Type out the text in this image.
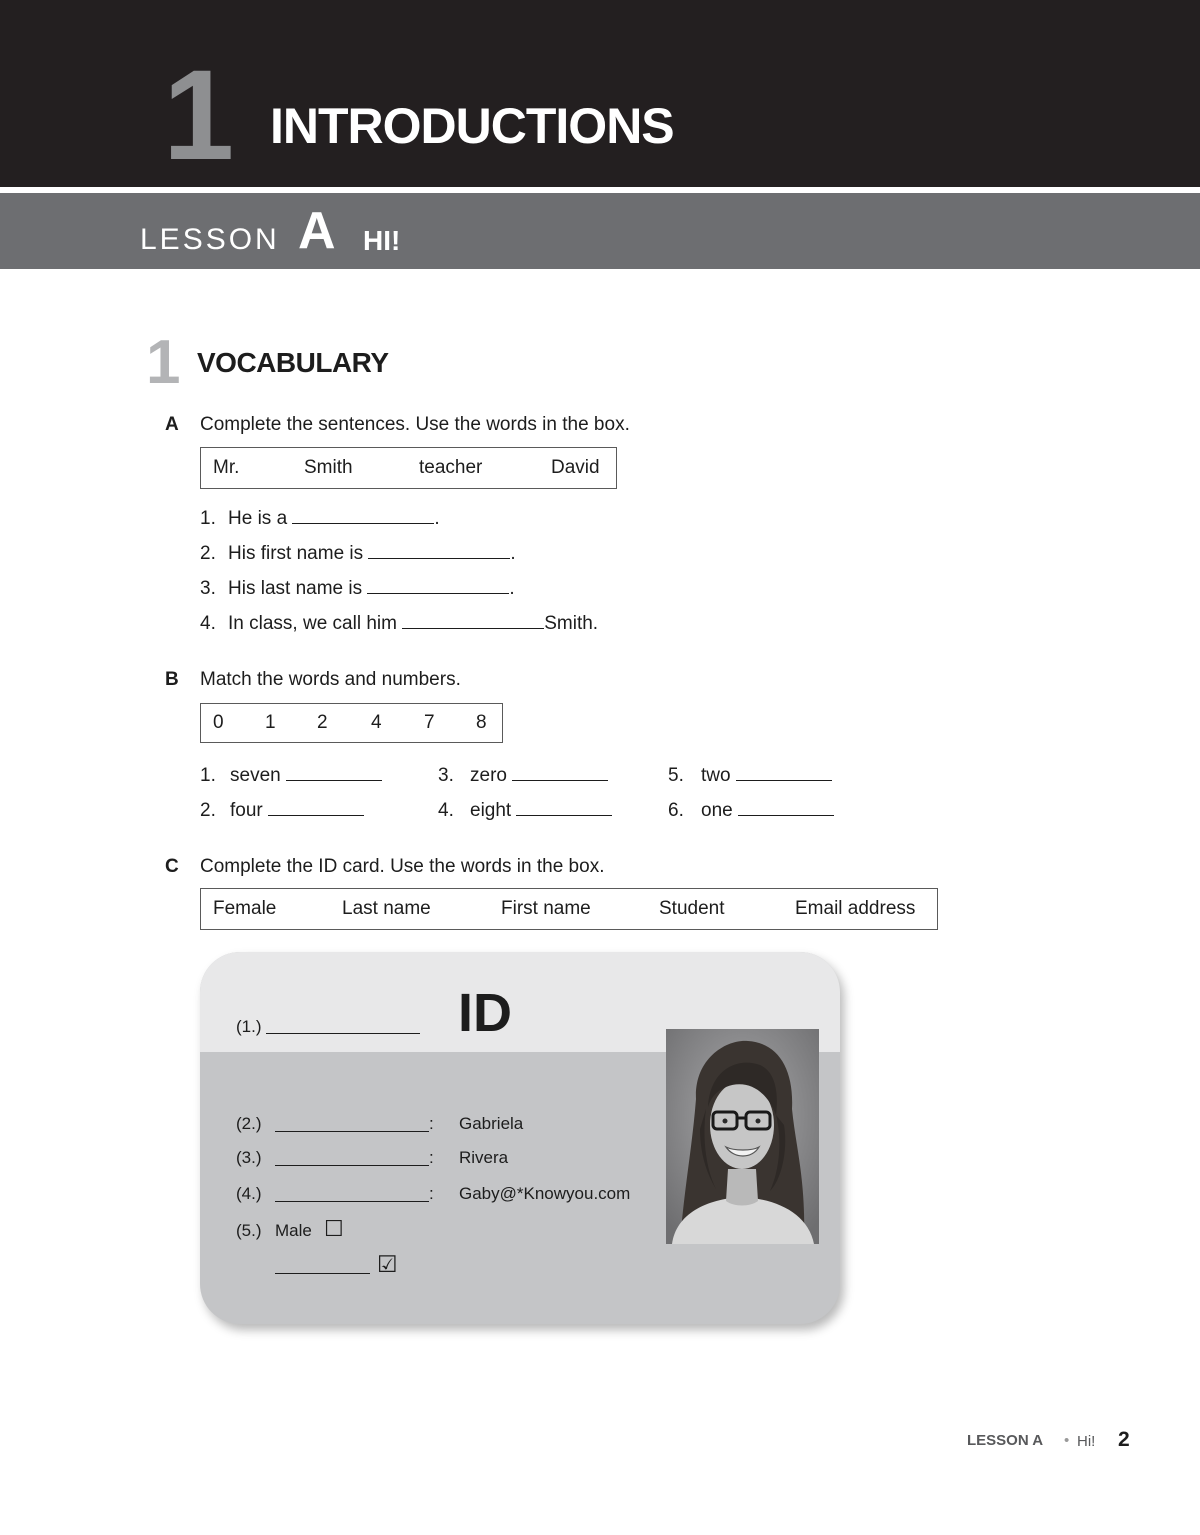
1 INTRODUCTIONS
LESSON A HI!
1 VOCABULARY
A Complete the sentences. Use the words in the box.
Mr.	Smith	teacher	David
1. He is a	.
2. His first name is	.
3. His last name is	.
4. In class, we call him	Smith.
B Match the words and numbers.
0 1 2 4 7 8
1. seven
2. four
3. zero
4. eight
5. two
6. one
C Complete the ID card. Use the words in the box.
Female	Last name	First name	Student	Email address
ID
(1.)
(2.)	: Gabriela
(3.)	: Rivera
(4.)	: Gaby@*Knowyou.com
(5.) Male ☐
☑
LESSON A • Hi! 2
